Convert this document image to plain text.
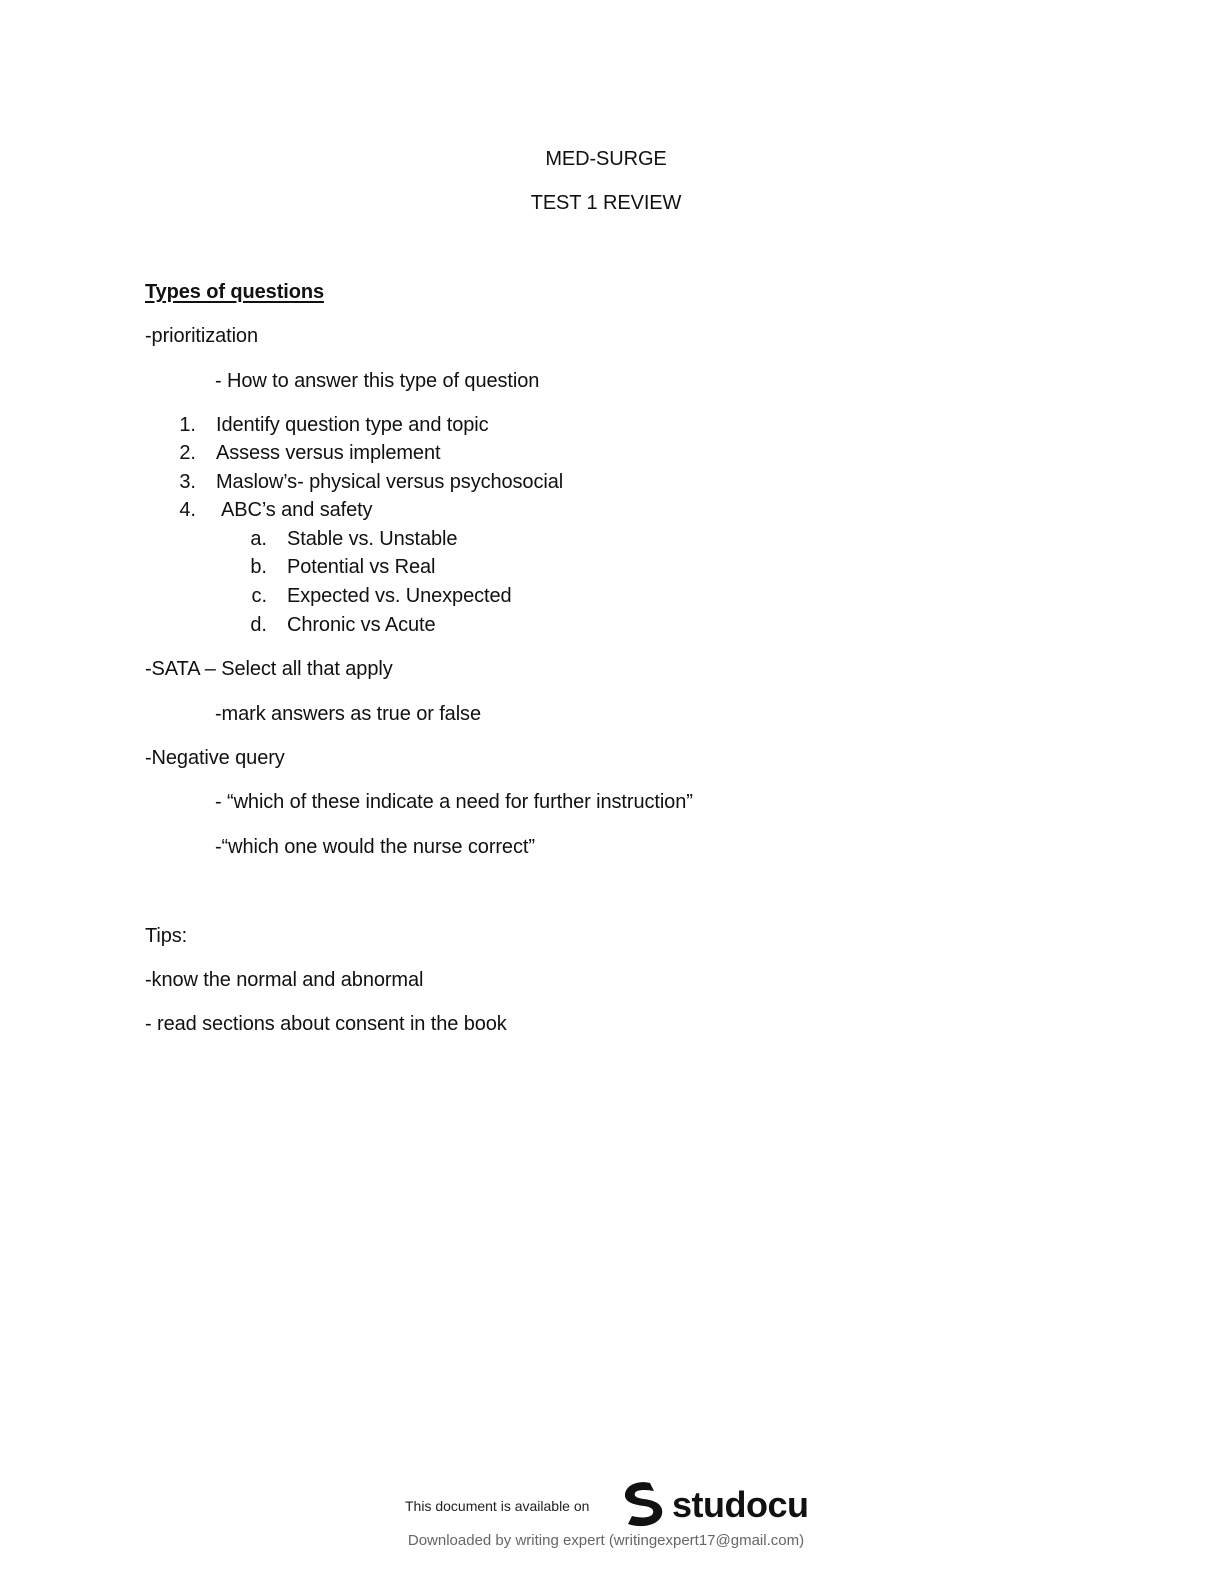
MED-SURGE
TEST 1 REVIEW
Types of questions
-prioritization
- How to answer this type of question
1. Identify question type and topic
2. Assess versus implement
3. Maslow’s- physical versus psychosocial
4. ABC’s and safety
a. Stable vs. Unstable
b. Potential vs Real
c. Expected vs. Unexpected
d. Chronic vs Acute
-SATA – Select all that apply
-mark answers as true or false
-Negative query
- “which of these indicate a need for further instruction”
-“which one would the nurse correct”
Tips:
-know the normal and abnormal
- read sections about consent in the book
This document is available on studocu
Downloaded by writing expert (writingexpert17@gmail.com)
